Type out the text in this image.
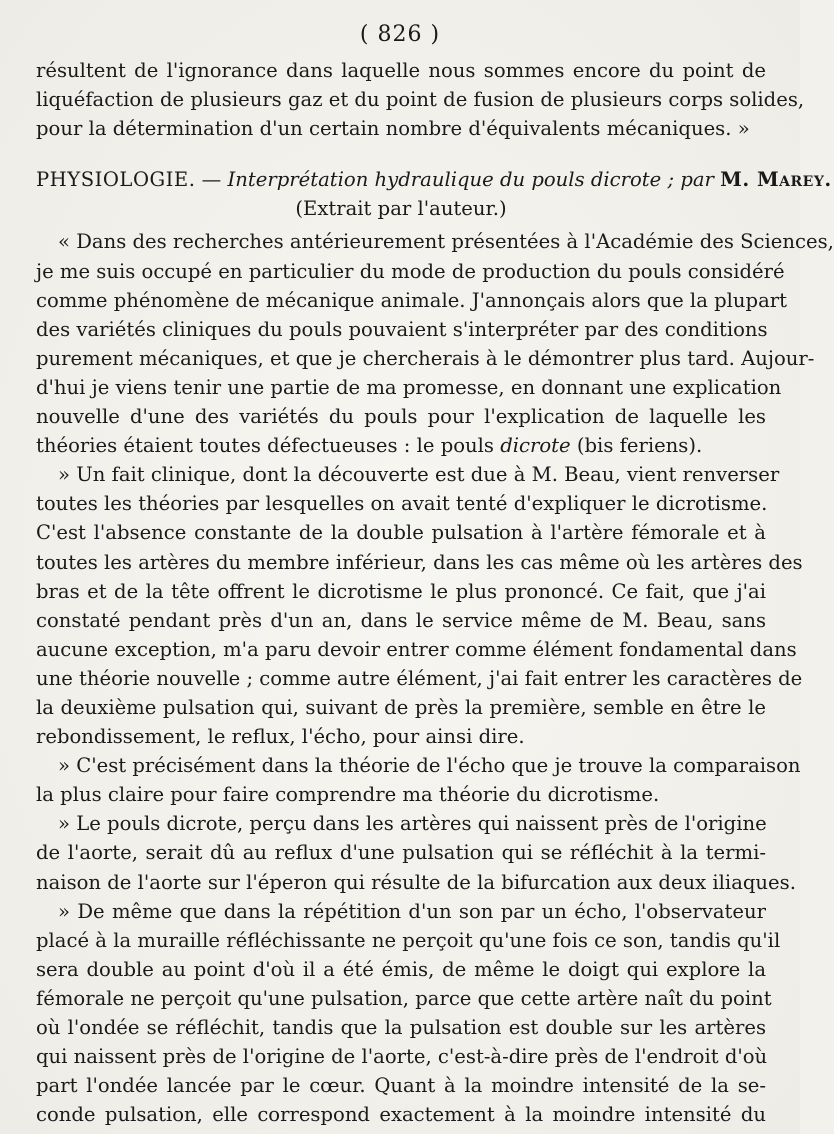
( 826 )
résultent de l'ignorance dans laquelle nous sommes encore du point de
liquéfaction de plusieurs gaz et du point de fusion de plusieurs corps solides,
pour la détermination d'un certain nombre d'équivalents mécaniques. »
PHYSIOLOGIE. — Interprétation hydraulique du pouls dicrote ; par M. Marey.
(Extrait par l'auteur.)
« Dans des recherches antérieurement présentées à l'Académie des Sciences,
je me suis occupé en particulier du mode de production du pouls considéré
comme phénomène de mécanique animale. J'annonçais alors que la plupart
des variétés cliniques du pouls pouvaient s'interpréter par des conditions
purement mécaniques, et que je chercherais à le démontrer plus tard. Aujour-
d'hui je viens tenir une partie de ma promesse, en donnant une explication
nouvelle d'une des variétés du pouls pour l'explication de laquelle les
théories étaient toutes défectueuses : le pouls dicrote (bis feriens).
» Un fait clinique, dont la découverte est due à M. Beau, vient renverser
toutes les théories par lesquelles on avait tenté d'expliquer le dicrotisme.
C'est l'absence constante de la double pulsation à l'artère fémorale et à
toutes les artères du membre inférieur, dans les cas même où les artères des
bras et de la tête offrent le dicrotisme le plus prononcé. Ce fait, que j'ai
constaté pendant près d'un an, dans le service même de M. Beau, sans
aucune exception, m'a paru devoir entrer comme élément fondamental dans
une théorie nouvelle ; comme autre élément, j'ai fait entrer les caractères de
la deuxième pulsation qui, suivant de près la première, semble en être le
rebondissement, le reflux, l'écho, pour ainsi dire.
» C'est précisément dans la théorie de l'écho que je trouve la comparaison
la plus claire pour faire comprendre ma théorie du dicrotisme.
» Le pouls dicrote, perçu dans les artères qui naissent près de l'origine
de l'aorte, serait dû au reflux d'une pulsation qui se réfléchit à la termi-
naison de l'aorte sur l'éperon qui résulte de la bifurcation aux deux iliaques.
» De même que dans la répétition d'un son par un écho, l'observateur
placé à la muraille réfléchissante ne perçoit qu'une fois ce son, tandis qu'il
sera double au point d'où il a été émis, de même le doigt qui explore la
fémorale ne perçoit qu'une pulsation, parce que cette artère naît du point
où l'ondée se réfléchit, tandis que la pulsation est double sur les artères
qui naissent près de l'origine de l'aorte, c'est-à-dire près de l'endroit d'où
part l'ondée lancée par le cœur. Quant à la moindre intensité de la se-
conde pulsation, elle correspond exactement à la moindre intensité du
